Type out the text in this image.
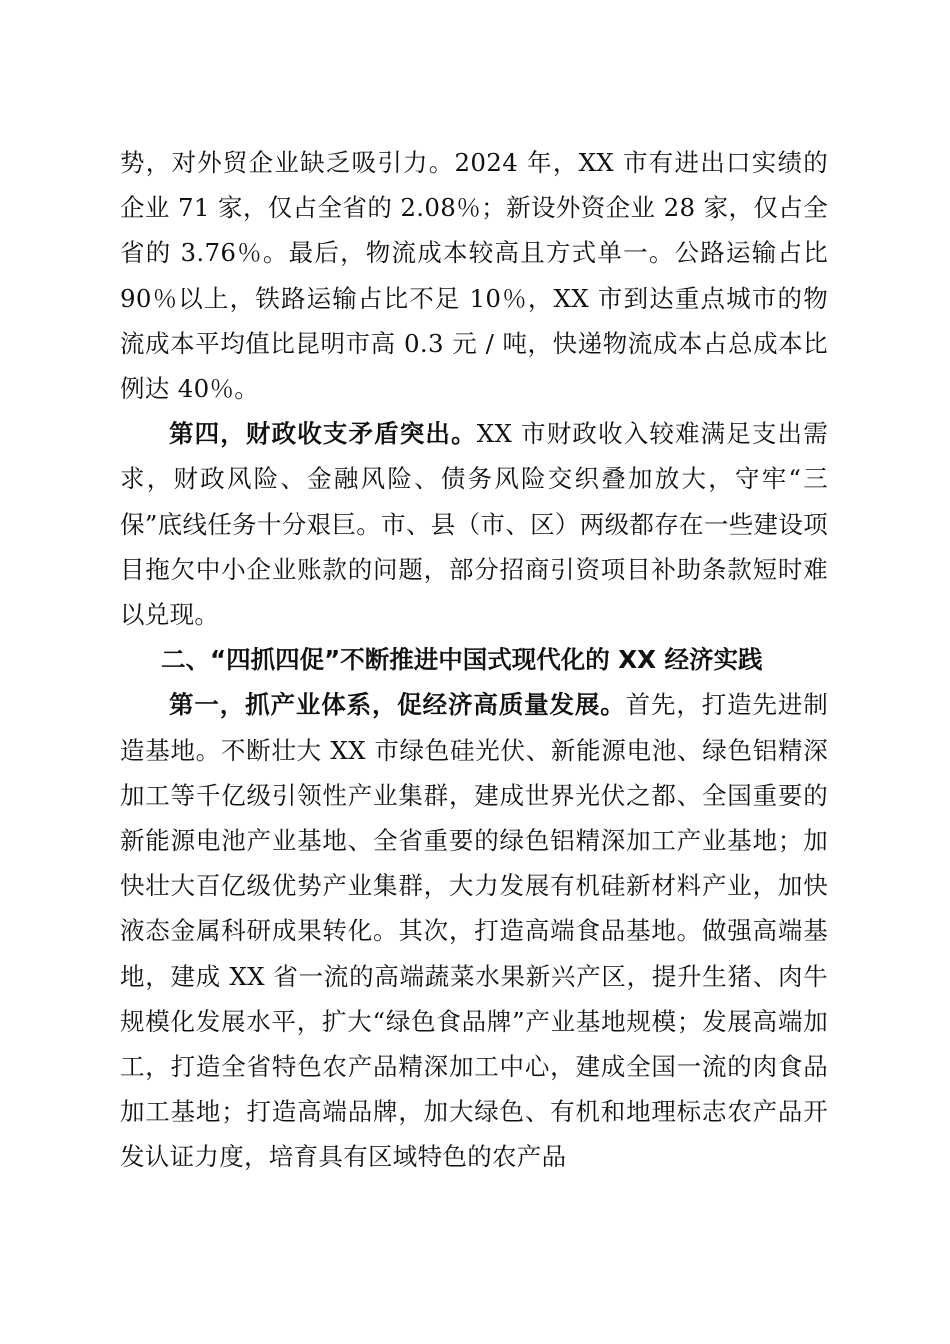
势，对外贸企业缺乏吸引力。2024 年，XX 市有进出口实绩的企业 71 家，仅占全省的 2.08％；新设外资企业 28 家，仅占全省的 3.76％。最后，物流成本较高且方式单一。公路运输占比 90％以上，铁路运输占比不足 10％，XX 市到达重点城市的物流成本平均值比昆明市高 0.3 元 / 吨，快递物流成本占总成本比例达 40％。

第四，财政收支矛盾突出。XX 市财政收入较难满足支出需求，财政风险、金融风险、债务风险交织叠加放大，守牢“三保”底线任务十分艰巨。市、县（市、区）两级都存在一些建设项目拖欠中小企业账款的问题，部分招商引资项目补助条款短时难以兑现。

二、“四抓四促”不断推进中国式现代化的 XX 经济实践

第一，抓产业体系，促经济高质量发展。首先，打造先进制造基地。不断壮大 XX 市绿色硅光伏、新能源电池、绿色铝精深加工等千亿级引领性产业集群，建成世界光伏之都、全国重要的新能源电池产业基地、全省重要的绿色铝精深加工产业基地；加快壮大百亿级优势产业集群，大力发展有机硅新材料产业，加快液态金属科研成果转化。其次，打造高端食品基地。做强高端基地，建成 XX 省一流的高端蔬菜水果新兴产区，提升生猪、肉牛规模化发展水平，扩大“绿色食品牌”产业基地规模；发展高端加工，打造全省特色农产品精深加工中心，建成全国一流的肉食品加工基地；打造高端品牌，加大绿色、有机和地理标志农产品开发认证力度，培育具有区域特色的农产品
